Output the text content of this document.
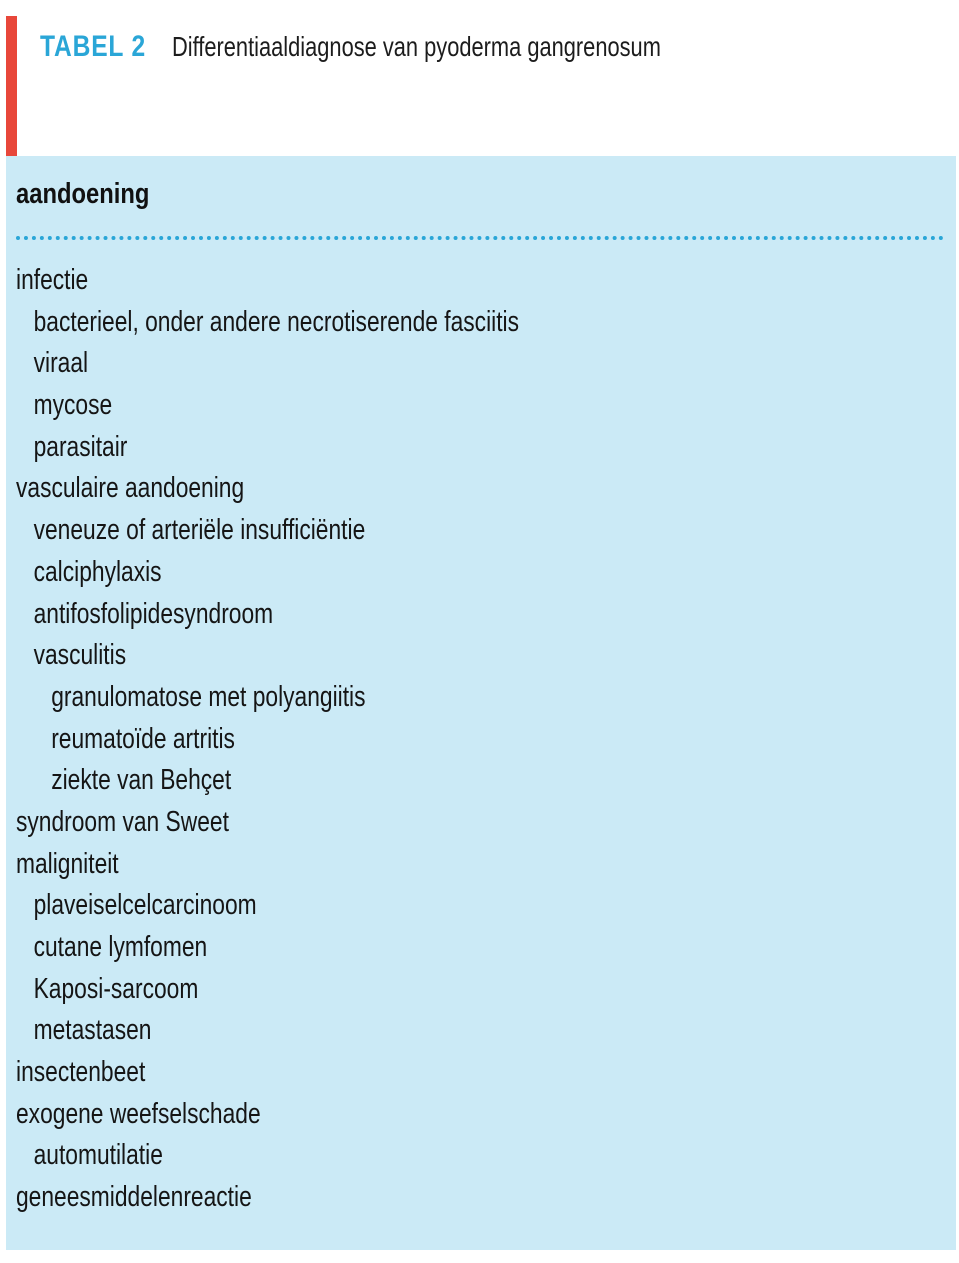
TABEL 2 Differentiaaldiagnose van pyoderma gangrenosum
aandoening
infectie
bacterieel, onder andere necrotiserende fasciitis
viraal
mycose
parasitair
vasculaire aandoening
veneuze of arteriële insufficiëntie
calciphylaxis
antifosfolipidesyndroom
vasculitis
granulomatose met polyangiitis
reumatoïde artritis
ziekte van Behçet
syndroom van Sweet
maligniteit
plaveiselcelcarcinoom
cutane lymfomen
Kaposi-sarcoom
metastasen
insectenbeet
exogene weefselschade
automutilatie
geneesmiddelenreactie
